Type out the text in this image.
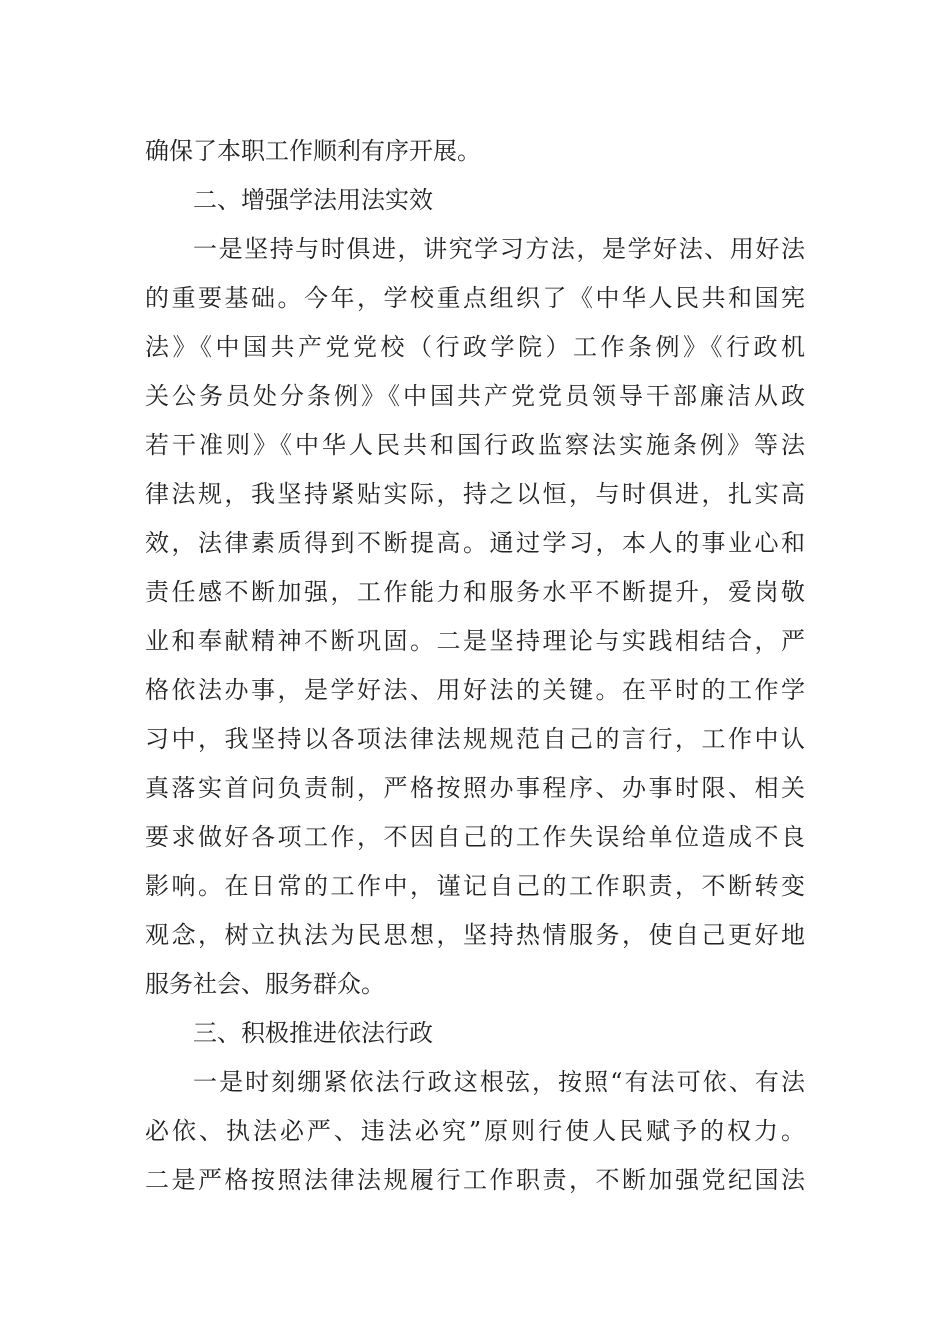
确保了本职工作顺利有序开展。
二、增强学法用法实效
一是坚持与时俱进，讲究学习方法，是学好法、用好法
的重要基础。今年，学校重点组织了《中华人民共和国宪
法》《中国共产党党校（行政学院）工作条例》《行政机
关公务员处分条例》《中国共产党党员领导干部廉洁从政
若干准则》《中华人民共和国行政监察法实施条例》等法
律法规，我坚持紧贴实际，持之以恒，与时俱进，扎实高
效，法律素质得到不断提高。通过学习，本人的事业心和
责任感不断加强，工作能力和服务水平不断提升，爱岗敬
业和奉献精神不断巩固。二是坚持理论与实践相结合，严
格依法办事，是学好法、用好法的关键。在平时的工作学
习中，我坚持以各项法律法规规范自己的言行，工作中认
真落实首问负责制，严格按照办事程序、办事时限、相关
要求做好各项工作，不因自己的工作失误给单位造成不良
影响。在日常的工作中，谨记自己的工作职责，不断转变
观念，树立执法为民思想，坚持热情服务，使自己更好地
服务社会、服务群众。
三、积极推进依法行政
一是时刻绷紧依法行政这根弦，按照“有法可依、有法
必依、执法必严、违法必究”原则行使人民赋予的权力。
二是严格按照法律法规履行工作职责，不断加强党纪国法
